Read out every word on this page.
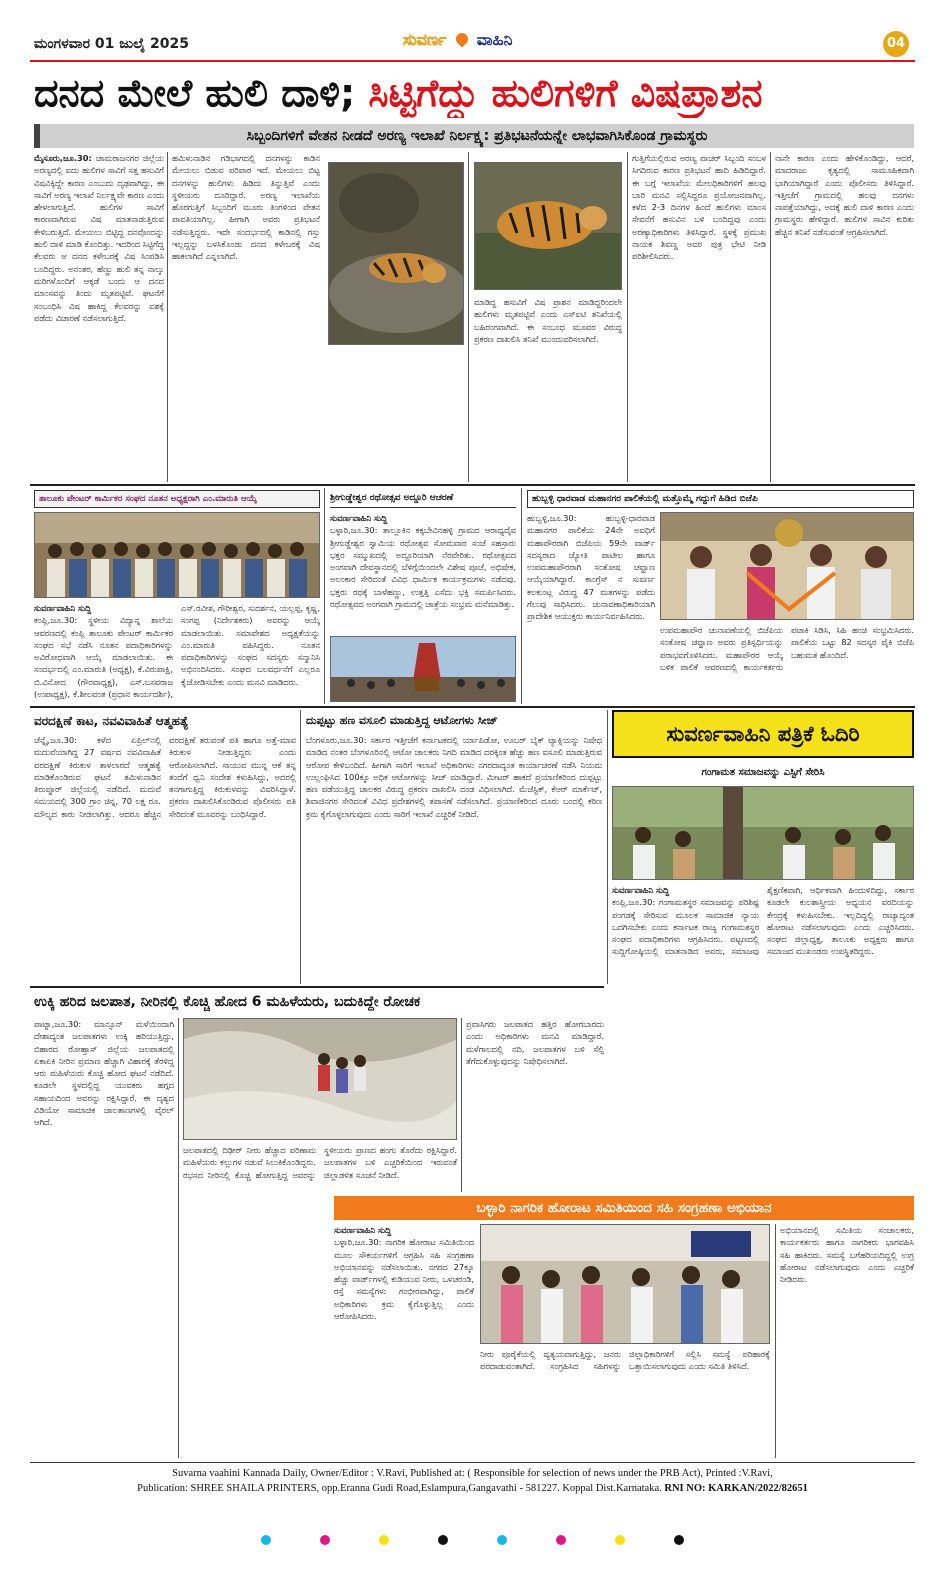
ಮಂಗಳವಾರ 01 ಜುಲೈ 2025	ಸುವರ್ಣ ವಾಹಿನಿ	04
ದನದ ಮೇಲೆ ಹುಲಿ ದಾಳಿ; ಸಿಟ್ಟಿಗೆದ್ದು ಹುಲಿಗಳಿಗೆ ವಿಷಪ್ರಾಶನ
ಸಿಬ್ಬಂದಿಗಳಿಗೆ ವೇತನ ನೀಡದೆ ಅರಣ್ಯ ಇಲಾಖೆ ನಿರ್ಲಕ್ಷ್ಯ: ಪ್ರತಿಭಟನೆಯನ್ನೇ ಲಾಭವಾಗಿಸಿಕೊಂಡ ಗ್ರಾಮಸ್ಥರು
ಮೈಸೂರು,ಜೂ.30: ಚಾಮರಾಜನಗರ ಜಿಲ್ಲೆಯ ಅರಣ್ಯದಲ್ಲಿ ಐದು ಹುಲಿಗಳ ಸಾವಿಗೆ ಸತ್ತ ಹಸುವಿಗೆ ವಿಷವಿಕ್ಕಿದ್ದೇ ಕಾರಣ ಎಂಬುದು ದೃಢವಾಗಿದ್ದು, ಈ ಸಾವಿಗೆ ಅರಣ್ಯ ಇಲಾಖೆ ನಿರ್ಲಕ್ಷ್ಯವೇ ಕಾರಣ ಎಂದು ಹೇಳಲಾಗುತ್ತಿದೆ. ಹುಲಿಗಳ ಸಾವಿಗೆ ಕಾರಣವಾಗಿರುವ ವಿಷ ಮಾತನಾಡುತ್ತಿರುವ ಕೇಳಿಬರುತ್ತಿದೆ. ಮೇಯಲು ಬಿಟ್ಟಿದ್ದ ದನವೊಂದನ್ನು ಹುಲಿ ದಾಳಿ ಮಾಡಿ ಕೊಂದಿತ್ತು. ಇದರಿಂದ ಸಿಟ್ಟಿಗೆದ್ದ ಕೆಲವರು ಆ ದನದ ಕಳೇಬರಕ್ಕೆ ವಿಷ ಸಿಂಪಡಿಸಿ ಬಂದಿದ್ದರು. ಅನಂತರ, ಹೆಣ್ಣು ಹುಲಿ ತನ್ನ ನಾಲ್ಕು ಮರಿಗಳೊಂದಿಗೆ ಆಕ್ಕಡೆ ಬಂದು ಆ ದನದ ಮಾಂಸವನ್ನು ತಿಂದು ಮೃತಪಟ್ಟಿವೆ. ಘಟನೆಗೆ ಸಂಬಂಧಿಸಿ ವಿಷ ಹಾಕಿದ್ದ ಕೆಲವರನ್ನು ವಶಕ್ಕೆ ಪಡೆದು ವಿಚಾರಣೆ ನಡೆಸಲಾಗುತ್ತಿದೆ.
ಹಮಿಳುನಾಡಿನ ಗಡಿಭಾಗದಲ್ಲಿ ದನಗಳನ್ನು ಕಾಡಿನ ಮೇಯಲು ಬಿಡುವ ಪರಿಪಾಠ ಇದೆ. ಮೇಯಲು ಬಿಟ್ಟ ದನಗಳನ್ನು ಹುಲಿಗಳು ಹಿಡಿದು ತಿನ್ನುತ್ತಿವೆ ಎಂದು ಸ್ಥಳೀಯರು ದೂರಿದ್ದಾರೆ. ಅರಣ್ಯ ಇಲಾಖೆಯ ಹೊರಗುತ್ತಿಗೆ ಸಿಬ್ಬಂದಿಗೆ ಮೂರು ತಿಂಗಳಿಂದ ವೇತನ ಪಾವತಿಯಾಗಿಲ್ಲ. ಹೀಗಾಗಿ ಅವರು ಪ್ರತಿಭಟನೆ ನಡೆಸುತ್ತಿದ್ದರು. ಇದೇ ಸಂದರ್ಭದಲ್ಲಿ ಕಾಡಿನಲ್ಲಿ ಗಸ್ತು ಇಲ್ಲದ್ದನ್ನು ಬಳಸಿಕೊಂಡು ದನದ ಕಳೇಬರಕ್ಕೆ ವಿಷ ಹಾಕಲಾಗಿದೆ ಎನ್ನಲಾಗಿದೆ.
ಮಾಡಿದ್ದ ಹಸುವಿಗೆ ವಿಷ ಪ್ರಾಶನ ಮಾಡಿದ್ದರಿಂದಲೇ ಹುಲಿಗಳು ಮೃತಪಟ್ಟಿವೆ ಎಂದು ಎಸ್ಐಟಿ ತನಿಖೆಯಲ್ಲಿ ಬಹಿರಂಗವಾಗಿದೆ. ಈ ಸಂಬಂಧ ಮೂವರ ವಿರುದ್ಧ ಪ್ರಕರಣ ದಾಖಲಿಸಿ ತನಿಖೆ ಮುಂದುವರಿಸಲಾಗಿದೆ.
ಗುತ್ತಿಗೆಯಲ್ಲಿರುವ ಅರಣ್ಯ ವಾಚರ್ ಸಿಬ್ಬಂದಿ ಸಂಬಳ ಸಿಗದಿರುವ ಕಾರಣ ಪ್ರತಿಭಟನೆ ಹಾದಿ ಹಿಡಿದಿದ್ದಾರೆ. ಈ ಬಗ್ಗೆ ಇಲಾಖೆಯ ಮೇಲಧಿಕಾರಿಗಳಿಗೆ ಹಲವು ಬಾರಿ ಮನವಿ ಸಲ್ಲಿಸಿದ್ದರೂ ಪ್ರಯೋಜನವಾಗಿಲ್ಲ. ಕಳೆದ 2-3 ದಿನಗಳ ಹಿಂದೆ ಹುಲಿಗಳು ಮಾಂಸ ಸೇವನೆಗೆ ಹಸುವಿನ ಬಳಿ ಬಂದಿದ್ದವು ಎಂದು ಅರಣ್ಯಾಧಿಕಾರಿಗಳು ತಿಳಿಸಿದ್ದಾರೆ. ಸ್ಥಳಕ್ಕೆ ಪ್ರಮುಖ ನಾಯಕ ಶಿವಣ್ಣ ಅವರ ಪುತ್ರ ಭೇಟಿ ನೀಡಿ ಪರಿಶೀಲಿಸಿದರು.
ನಾನೇ ಕಾರಣ ಎಂದು ಹೇಳಿಕೊಂಡಿದ್ದು, ಆದರೆ, ಮಾದರಾಜು ಕೃತ್ಯದಲ್ಲಿ ಸಾಮೂಹಿಕವಾಗಿ ಭಾಗಿಯಾಗಿದ್ದಾರೆ ಎಂದು ಪೊಲೀಸರು ತಿಳಿಸಿದ್ದಾರೆ. ಇತ್ತೀಚೆಗೆ ಗ್ರಾಮದಲ್ಲಿ ಹಲವು ದನಗಳು ನಾಪತ್ತೆಯಾಗಿದ್ದು, ಅದಕ್ಕೆ ಹುಲಿ ದಾಳಿ ಕಾರಣ ಎಂದು ಗ್ರಾಮಸ್ಥರು ಹೇಳಿದ್ದಾರೆ. ಹುಲಿಗಳ ಸಾವಿನ ಕುರಿತು ಹೆಚ್ಚಿನ ತನಿಖೆ ನಡೆಸುವಂತೆ ಆಗ್ರಹಿಸಲಾಗಿದೆ.
ತಾಲೂಕು ಪೇಂಟರ್ ಕಾರ್ಮಿಕರ ಸಂಘದ ನೂತನ ಅಧ್ಯಕ್ಷರಾಗಿ ಎಂ.ಮಾರುತಿ ಆಯ್ಕೆ
ಸುವರ್ಣವಾಹಿನಿ ಸುದ್ದಿ
ಕಂಪ್ಲಿ,ಜೂ.30: ಸ್ಥಳೀಯ ವಿದ್ಯಾನ್ನ ಶಾಲೆಯ ಆವರಣದಲ್ಲಿ ಕಂಪ್ಲಿ ತಾಲೂಕು ಪೇಂಟರ್ ಕಾರ್ಮಿಕರ ಸಂಘದ ಸಭೆ ನಡೆಸಿ ನೂತನ ಪದಾಧಿಕಾರಿಗಳನ್ನು ಅವಿರೋಧವಾಗಿ ಆಯ್ಕೆ ಮಾಡಲಾಯಿತು. ಈ ಸಂದರ್ಭದಲ್ಲಿ ಎಂ.ಮಾರುತಿ (ಅಧ್ಯಕ್ಷ), ಕೆ.ವಿರುಪಾಕ್ಷಿ, ಬಿ.ವಿನೋದ (ಗೌರವಾಧ್ಯಕ್ಷ), ಎಸ್.ಬಸವರಾಜ (ಉಪಾಧ್ಯಕ್ಷ), ಕೆ.ಶೀಲವಂತ (ಪ್ರಧಾನ ಕಾರ್ಯದರ್ಶಿ), ಎಸ್.ರವೀಶ, ಗೌರೀಶ್ವರ, ಸುದರ್ಶನ, ಯಲ್ಲಪ್ಪ, ಕೃಷ್ಣ, ಸಂಗಪ್ಪ (ನಿರ್ದೇಶಕರು) ಅವರನ್ನು ಆಯ್ಕೆ ಮಾಡಲಾಯಿತು. ಸಮಾವೇಶದ ಅಧ್ಯಕ್ಷತೆಯನ್ನು ಎಂ.ಮಾರುತಿ ವಹಿಸಿದ್ದರು. ನೂತನ ಪದಾಧಿಕಾರಿಗಳನ್ನು ಸಂಘದ ಸದಸ್ಯರು ಸನ್ಮಾನಿಸಿ ಅಭಿನಂದಿಸಿದರು. ಸಂಘದ ಬಲವರ್ಧನೆಗೆ ಎಲ್ಲರೂ ಕೈಜೋಡಿಸಬೇಕು ಎಂದು ಮನವಿ ಮಾಡಿದರು.
ಶ್ರೀಗುಡ್ಡೇಶ್ವರ ರಥೋತ್ಸವ ಅದ್ದೂರಿ ಆಚರಣೆ
ಸುವರ್ಣವಾಹಿನಿ ಸುದ್ದಿ
ಬಳ್ಳಾರಿ,ಜೂ.30: ತಾಲ್ಲೂಕಿನ ಕಕ್ಕಬೇವಿನಹಳ್ಳಿ ಗ್ರಾಮದ ಆರಾಧ್ಯದೈವ ಶ್ರೀಗುಡ್ಡೇಶ್ವರ ಸ್ವಾಮಿಯ ರಥೋತ್ಸವ ಸೋಮವಾರ ಸಂಜೆ ಸಹಸ್ರಾರು ಭಕ್ತರ ಸಮ್ಮುಖದಲ್ಲಿ ಅದ್ದೂರಿಯಾಗಿ ನೆರವೇರಿತು. ರಥೋತ್ಸವದ ಅಂಗವಾಗಿ ದೇವಸ್ಥಾನದಲ್ಲಿ ಬೆಳಿಗ್ಗೆಯಿಂದಲೇ ವಿಶೇಷ ಪೂಜೆ, ಅಭಿಷೇಕ, ಅಲಂಕಾರ ಸೇರಿದಂತೆ ವಿವಿಧ ಧಾರ್ಮಿಕ ಕಾರ್ಯಕ್ರಮಗಳು ನಡೆದವು. ಭಕ್ತರು ರಥಕ್ಕೆ ಬಾಳೆಹಣ್ಣು, ಉತ್ತತ್ತಿ ಎಸೆದು ಭಕ್ತಿ ಸಮರ್ಪಿಸಿದರು. ರಥೋತ್ಸವದ ಅಂಗವಾಗಿ ಗ್ರಾಮದಲ್ಲಿ ಜಾತ್ರೆಯ ಸಂಭ್ರಮ ಮನೆಮಾಡಿತ್ತು.
ಹುಬ್ಬಳ್ಳಿ ಧಾರವಾಡ ಮಹಾನಗರ ಪಾಲಿಕೆಯಲ್ಲಿ ಮತ್ತೊಮ್ಮೆ ಗದ್ದುಗೆ ಹಿಡಿದ ಬಿಜೆಪಿ
ಹುಬ್ಬಳ್ಳಿ,ಜೂ.30: ಹುಬ್ಬಳ್ಳಿ-ಧಾರವಾಡ ಮಹಾನಗರ ಪಾಲಿಕೆಯ 24ನೇ ಅವಧಿಗೆ ಮಹಾಪೌರರಾಗಿ ಬಿಜೆಪಿಯ 59ನೇ ವಾರ್ಡ್ ಸದಸ್ಯರಾದ ಜ್ಯೋತಿ ಪಾಟೀಲ ಹಾಗೂ ಉಪಮಹಾಪೌರರಾಗಿ ಸಂತೋಷ ಚವ್ಹಾಣ ಆಯ್ಕೆಯಾಗಿದ್ದಾರೆ. ಕಾಂಗ್ರೆಸ್ ನ ಸುವರ್ಣ ಕಲಕುಂಟ್ಲ ವಿರುದ್ಧ 47 ಮತಗಳನ್ನು ಪಡೆದು ಗೆಲುವು ಸಾಧಿಸಿದರು. ಚುನಾವಣಾಧಿಕಾರಿಯಾಗಿ ಪ್ರಾದೇಶಿಕ ಆಯುಕ್ತರು ಕಾರ್ಯನಿರ್ವಹಿಸಿದರು.
ಉಪಮಹಾಪೌರ ಚುನಾವಣೆಯಲ್ಲಿ ಬಿಜೆಪಿಯ ಸಂತೋಷ ಚವ್ಹಾಣ ಅವರು ಪ್ರತಿಸ್ಪರ್ಧಿಯನ್ನು ಪರಾಭವಗೊಳಿಸಿದರು. ಮಹಾಪೌರರ ಆಯ್ಕೆ ಬಳಿಕ ಪಾಲಿಕೆ ಆವರಣದಲ್ಲಿ ಕಾರ್ಯಕರ್ತರು ಪಟಾಕಿ ಸಿಡಿಸಿ, ಸಿಹಿ ಹಂಚಿ ಸಂಭ್ರಮಿಸಿದರು. ಪಾಲಿಕೆಯ ಒಟ್ಟು 82 ಸದಸ್ಯರ ಪೈಕಿ ಬಿಜೆಪಿ ಬಹುಮತ ಹೊಂದಿದೆ.
ವರದಕ್ಷಿಣೆ ಕಾಟ, ನವವಿವಾಹಿತೆ ಆತ್ಮಹತ್ಯೆ
ಚೆನ್ನೈ,ಜೂ.30: ಕಳೆದ ಏಪ್ರಿಲ್‌ನಲ್ಲಿ ಮದುವೆಯಾಗಿದ್ದ 27 ವರ್ಷದ ನವವಿವಾಹಿತೆ ವರದಕ್ಷಿಣೆ ಕಿರುಕುಳ ತಾಳಲಾರದೆ ಆತ್ಮಹತ್ಯೆ ಮಾಡಿಕೊಂಡಿರುವ ಘಟನೆ ತಮಿಳುನಾಡಿನ ತಿರುಪ್ಪೂರ್ ಜಿಲ್ಲೆಯಲ್ಲಿ ನಡೆದಿದೆ. ಮದುವೆ ಸಮಯದಲ್ಲಿ 300 ಗ್ರಾಂ ಚಿನ್ನ, 70 ಲಕ್ಷ ರೂ. ಮೌಲ್ಯದ ಕಾರು ನೀಡಲಾಗಿತ್ತು. ಆದರೂ ಹೆಚ್ಚಿನ ವರದಕ್ಷಿಣೆ ತರುವಂತೆ ಪತಿ ಹಾಗೂ ಅತ್ತೆ-ಮಾವ ಕಿರುಕುಳ ನೀಡುತ್ತಿದ್ದರು ಎಂದು ಆರೋಪಿಸಲಾಗಿದೆ. ಸಾಯುವ ಮುನ್ನ ಆಕೆ ತನ್ನ ತಂದೆಗೆ ಧ್ವನಿ ಸಂದೇಶ ಕಳುಹಿಸಿದ್ದು, ಅದರಲ್ಲಿ ತನಗಾಗುತ್ತಿದ್ದ ಕಿರುಕುಳವನ್ನು ವಿವರಿಸಿದ್ದಾಳೆ. ಪ್ರಕರಣ ದಾಖಲಿಸಿಕೊಂಡಿರುವ ಪೊಲೀಸರು ಪತಿ ಸೇರಿದಂತೆ ಮೂವರನ್ನು ಬಂಧಿಸಿದ್ದಾರೆ.
ದುಪ್ಪಟ್ಟು ಹಣ ವಸೂಲಿ ಮಾಡುತ್ತಿದ್ದ ಆಟೋಗಳು ಸೀಜ್
ಬೆಂಗಳೂರು,ಜೂ.30: ಸರ್ಕಾರ ಇತ್ತೀಚೆಗೆ ಕರ್ನಾಟಕದಲ್ಲಿ ರ್ಯಾಪಿಡೋ, ಊಬರ್ ಬೈಕ್ ಟ್ಯಾಕ್ಸಿಯನ್ನು ನಿಷೇಧ ಮಾಡಿದ ನಂತರ ಬೆಂಗಳೂರಿನಲ್ಲಿ ಆಟೋ ಚಾಲಕರು ನಿಗದಿ ಮಾಡಿದ ದರಕ್ಕಿಂತ ಹೆಚ್ಚು ಹಣ ವಸೂಲಿ ಮಾಡುತ್ತಿರುವ ಆರೋಪ ಕೇಳಿಬಂದಿದೆ. ಹೀಗಾಗಿ ಸಾರಿಗೆ ಇಲಾಖೆ ಅಧಿಕಾರಿಗಳು ನಗರದಾದ್ಯಂತ ಕಾರ್ಯಾಚರಣೆ ನಡೆಸಿ ನಿಯಮ ಉಲ್ಲಂಘಿಸಿದ 100ಕ್ಕೂ ಅಧಿಕ ಆಟೋಗಳನ್ನು ಸೀಜ್ ಮಾಡಿದ್ದಾರೆ. ಮೀಟರ್ ಹಾಕದೆ ಪ್ರಯಾಣಿಕರಿಂದ ದುಪ್ಪಟ್ಟು ಹಣ ಪಡೆಯುತ್ತಿದ್ದ ಚಾಲಕರ ವಿರುದ್ಧ ಪ್ರಕರಣ ದಾಖಲಿಸಿ ದಂಡ ವಿಧಿಸಲಾಗಿದೆ. ಮೆಜೆಸ್ಟಿಕ್, ಕೆಆರ್ ಮಾರ್ಕೆಟ್, ಶಿವಾಜಿನಗರ ಸೇರಿದಂತೆ ವಿವಿಧ ಪ್ರದೇಶಗಳಲ್ಲಿ ತಪಾಸಣೆ ನಡೆಸಲಾಗಿದೆ. ಪ್ರಯಾಣಿಕರಿಂದ ದೂರು ಬಂದಲ್ಲಿ ಕಠಿಣ ಕ್ರಮ ಕೈಗೊಳ್ಳಲಾಗುವುದು ಎಂದು ಸಾರಿಗೆ ಇಲಾಖೆ ಎಚ್ಚರಿಕೆ ನೀಡಿದೆ.
ಸುವರ್ಣವಾಹಿನಿ ಪತ್ರಿಕೆ ಓದಿರಿ
ಗಂಗಾಮತ ಸಮಾಜವನ್ನು ಎಸ್ಟಿಗೆ ಸೇರಿಸಿ
ಸುವರ್ಣವಾಹಿನಿ ಸುದ್ದಿ
ಕಂಪ್ಲಿ,ಜೂ.30: ಗಂಗಾಮತಸ್ಥರ ಸಮಾಜವನ್ನು ಪರಿಶಿಷ್ಟ ಪಂಗಡಕ್ಕೆ ಸೇರಿಸುವ ಮೂಲಕ ಸಾಮಾಜಿಕ ನ್ಯಾಯ ಒದಗಿಸಬೇಕು ಎಂದು ಕರ್ನಾಟಕ ರಾಜ್ಯ ಗಂಗಾಮತಸ್ಥರ ಸಂಘದ ಪದಾಧಿಕಾರಿಗಳು ಆಗ್ರಹಿಸಿದರು. ಪಟ್ಟಣದಲ್ಲಿ ಸುದ್ದಿಗೋಷ್ಠಿಯಲ್ಲಿ ಮಾತನಾಡಿದ ಅವರು, ಸಮಾಜವು ಶೈಕ್ಷಣಿಕವಾಗಿ, ಆರ್ಥಿಕವಾಗಿ ಹಿಂದುಳಿದಿದ್ದು, ಸರ್ಕಾರ ಕೂಡಲೇ ಕುಲಶಾಸ್ತ್ರೀಯ ಅಧ್ಯಯನ ವರದಿಯನ್ನು ಕೇಂದ್ರಕ್ಕೆ ಕಳುಹಿಸಬೇಕು. ಇಲ್ಲದಿದ್ದಲ್ಲಿ ರಾಜ್ಯಾದ್ಯಂತ ಹೋರಾಟ ನಡೆಸಲಾಗುವುದು ಎಂದು ಎಚ್ಚರಿಸಿದರು. ಸಂಘದ ಜಿಲ್ಲಾಧ್ಯಕ್ಷ, ತಾಲೂಕು ಅಧ್ಯಕ್ಷರು ಹಾಗೂ ಸಮಾಜದ ಮುಖಂಡರು ಉಪಸ್ಥಿತರಿದ್ದರು.
ಉಕ್ಕಿ ಹರಿದ ಜಲಪಾತ, ನೀರಿನಲ್ಲಿ ಕೊಚ್ಚಿ ಹೋದ 6 ಮಹಿಳೆಯರು, ಬದುಕಿದ್ದೇ ರೋಚಕ
ಪಾಟ್ನಾ,ಜೂ.30: ಮಾನ್ಸೂನ್ ಮಳೆಯಿಂದಾಗಿ ದೇಶಾದ್ಯಂತ ಜಲಪಾತಗಳು ಉಕ್ಕಿ ಹರಿಯುತ್ತಿದ್ದು, ಬಿಹಾರದ ರೋಹ್ತಾಸ್ ಜಿಲ್ಲೆಯ ಜಲಪಾತದಲ್ಲಿ ಏಕಾಏಕಿ ನೀರಿನ ಪ್ರಮಾಣ ಹೆಚ್ಚಾಗಿ ವಿಹಾರಕ್ಕೆ ತೆರಳಿದ್ದ ಆರು ಮಹಿಳೆಯರು ಕೊಚ್ಚಿ ಹೋದ ಘಟನೆ ನಡೆದಿದೆ. ಕೂಡಲೇ ಸ್ಥಳದಲ್ಲಿದ್ದ ಯುವಕರು ಹಗ್ಗದ ಸಹಾಯದಿಂದ ಅವರನ್ನು ರಕ್ಷಿಸಿದ್ದಾರೆ. ಈ ದೃಶ್ಯದ ವಿಡಿಯೋ ಸಾಮಾಜಿಕ ಜಾಲತಾಣಗಳಲ್ಲಿ ವೈರಲ್ ಆಗಿದೆ.
ಜಲಪಾತದಲ್ಲಿ ದಿಢೀರ್ ನೀರು ಹೆಚ್ಚಾದ ಪರಿಣಾಮ ಮಹಿಳೆಯರು ಕಲ್ಲುಗಳ ನಡುವೆ ಸಿಲುಕಿಕೊಂಡಿದ್ದರು. ರಭಸದ ನೀರಿನಲ್ಲಿ ಕೊಚ್ಚಿ ಹೋಗುತ್ತಿದ್ದ ಅವರನ್ನು ಸ್ಥಳೀಯರು ಪ್ರಾಣದ ಹಂಗು ತೊರೆದು ರಕ್ಷಿಸಿದ್ದಾರೆ. ಜಲಪಾತಗಳ ಬಳಿ ಎಚ್ಚರಿಕೆಯಿಂದ ಇರುವಂತೆ ಜಿಲ್ಲಾಡಳಿತ ಸೂಚನೆ ನೀಡಿದೆ.
ಪ್ರವಾಸಿಗರು ಜಲಪಾತದ ಹತ್ತಿರ ಹೋಗಬಾರದು ಎಂದು ಅಧಿಕಾರಿಗಳು ಮನವಿ ಮಾಡಿದ್ದಾರೆ. ಮಳೆಗಾಲದಲ್ಲಿ ನದಿ, ಜಲಪಾತಗಳ ಬಳಿ ಸೆಲ್ಫಿ ತೆಗೆದುಕೊಳ್ಳುವುದನ್ನು ನಿಷೇಧಿಸಲಾಗಿದೆ.
ಬಳ್ಳಾರಿ ನಾಗರಿಕ ಹೋರಾಟ ಸಮಿತಿಯಿಂದ ಸಹಿ ಸಂಗ್ರಹಣಾ ಅಭಿಯಾನ
ಸುವರ್ಣವಾಹಿನಿ ಸುದ್ದಿ
ಬಳ್ಳಾರಿ,ಜೂ.30: ನಾಗರಿಕ ಹೋರಾಟ ಸಮಿತಿಯಿಂದ ಮೂಲ ಸೌಕರ್ಯಗಳಿಗೆ ಆಗ್ರಹಿಸಿ ಸಹಿ ಸಂಗ್ರಹಣಾ ಅಭಿಯಾನವನ್ನು ನಡೆಸಲಾಯಿತು. ನಗರದ 27ಕ್ಕೂ ಹೆಚ್ಚು ವಾರ್ಡ್‌ಗಳಲ್ಲಿ ಕುಡಿಯುವ ನೀರು, ಒಳಚರಂಡಿ, ರಸ್ತೆ ಸಮಸ್ಯೆಗಳು ಗಂಭೀರವಾಗಿದ್ದು, ಪಾಲಿಕೆ ಅಧಿಕಾರಿಗಳು ಕ್ರಮ ಕೈಗೊಳ್ಳುತ್ತಿಲ್ಲ ಎಂದು ಆರೋಪಿಸಿದರು.
ನೀರು ಪೂರೈಕೆಯಲ್ಲಿ ವ್ಯತ್ಯಯವಾಗುತ್ತಿದ್ದು, ಜನರು ಪರದಾಡುವಂತಾಗಿದೆ. ಸಂಗ್ರಹಿಸಿದ ಸಹಿಗಳನ್ನು ಜಿಲ್ಲಾಧಿಕಾರಿಗಳಿಗೆ ಸಲ್ಲಿಸಿ ಸಮಸ್ಯೆ ಪರಿಹಾರಕ್ಕೆ ಒತ್ತಾಯಿಸಲಾಗುವುದು ಎಂದು ಸಮಿತಿ ತಿಳಿಸಿದೆ.
ಅಭಿಯಾನದಲ್ಲಿ ಸಮಿತಿಯ ಸಂಚಾಲಕರು, ಕಾರ್ಯಕರ್ತರು ಹಾಗೂ ನಾಗರಿಕರು ಭಾಗವಹಿಸಿ ಸಹಿ ಹಾಕಿದರು. ಸಮಸ್ಯೆ ಬಗೆಹರಿಯದಿದ್ದಲ್ಲಿ ಉಗ್ರ ಹೋರಾಟ ನಡೆಸಲಾಗುವುದು ಎಂದು ಎಚ್ಚರಿಕೆ ನೀಡಿದರು.
Suvarna vaahini Kannada Daily, Owner/Editor : V.Ravi, Published at: ( Responsible for selection of news under the PRB Act), Printed :V.Ravi,
Publication: SHREE SHAILA PRINTERS, opp.Eranna Gudi Road,Eslampura,Gangavathi - 581227. Koppal Dist.Karnataka. RNI NO: KARKAN/2022/82651
